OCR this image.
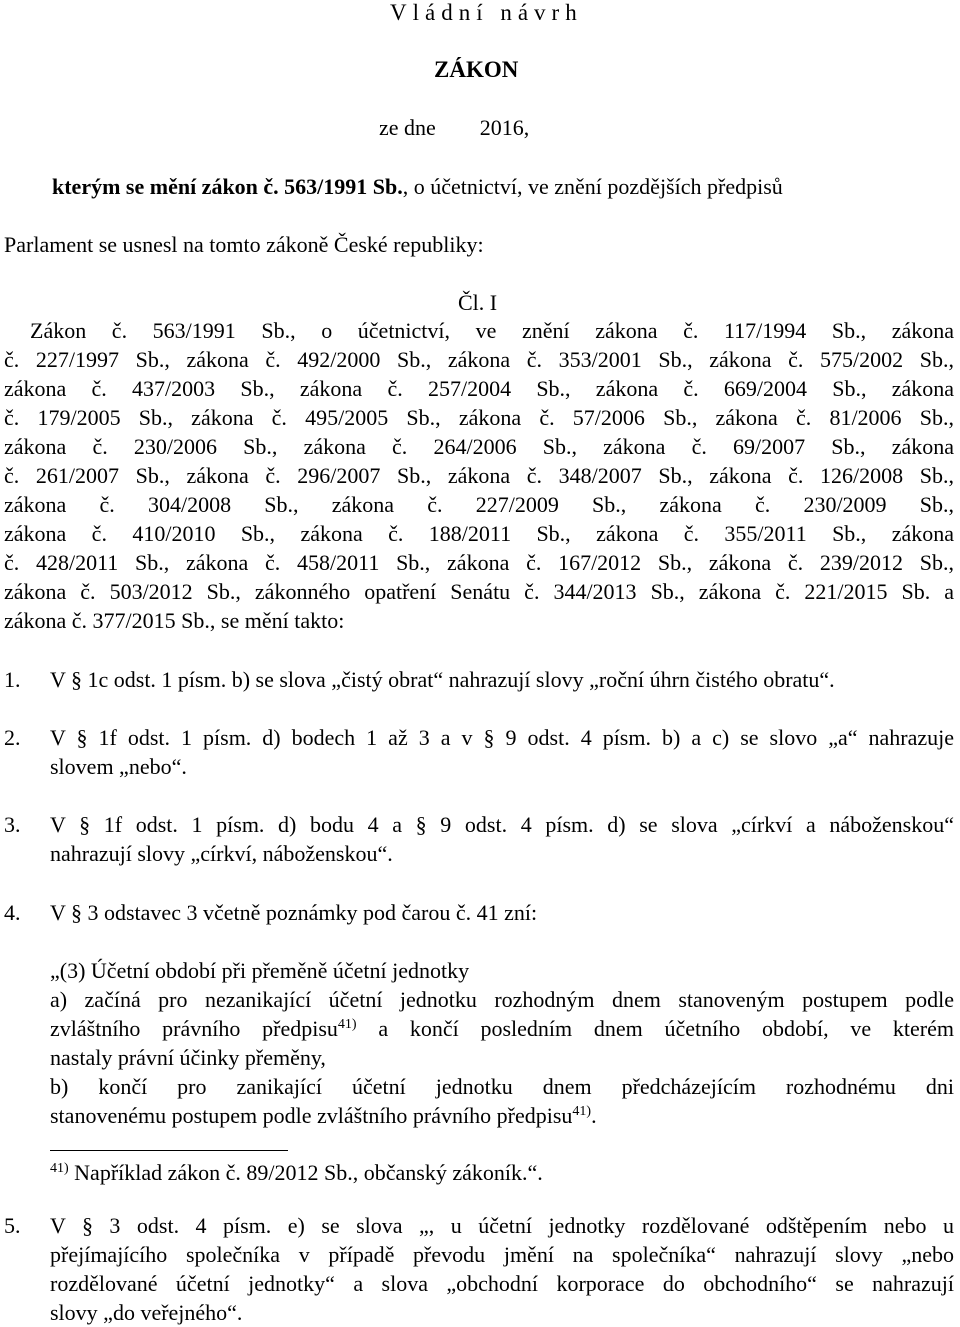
Vládní návrh
ZÁKON
ze dne        2016,
kterým se mění zákon č. 563/1991 Sb., o účetnictví, ve znění pozdějších předpisů
Parlament se usnesl na tomto zákoně České republiky:
Čl. I
Zákon č. 563/1991 Sb., o účetnictví, ve znění zákona č. 117/1994 Sb., zákona
č. 227/1997 Sb., zákona č. 492/2000 Sb., zákona č. 353/2001 Sb., zákona č. 575/2002 Sb.,
zákona č. 437/2003 Sb., zákona č. 257/2004 Sb., zákona č. 669/2004 Sb., zákona
č. 179/2005 Sb., zákona č. 495/2005 Sb., zákona č. 57/2006 Sb., zákona č. 81/2006 Sb.,
zákona č. 230/2006 Sb., zákona č. 264/2006 Sb., zákona č. 69/2007 Sb., zákona
č. 261/2007 Sb., zákona č. 296/2007 Sb., zákona č. 348/2007 Sb., zákona č. 126/2008 Sb.,
zákona č. 304/2008 Sb., zákona č. 227/2009 Sb., zákona č. 230/2009 Sb.,
zákona č. 410/2010 Sb., zákona č. 188/2011 Sb., zákona č. 355/2011 Sb., zákona
č. 428/2011 Sb., zákona č. 458/2011 Sb., zákona č. 167/2012 Sb., zákona č. 239/2012 Sb.,
zákona č. 503/2012 Sb., zákonného opatření Senátu č. 344/2013 Sb., zákona č. 221/2015 Sb. a
zákona č. 377/2015 Sb., se mění takto:
1. V § 1c odst. 1 písm. b) se slova „čistý obrat“ nahrazují slovy „roční úhrn čistého obratu“.
2. V § 1f odst. 1 písm. d) bodech 1 až 3 a v § 9 odst. 4 písm. b) a c) se slovo „a“ nahrazuje
slovem „nebo“.
3. V § 1f odst. 1 písm. d) bodu 4 a § 9 odst. 4 písm. d) se slova „církví a náboženskou“
nahrazují slovy „církví, náboženskou“.
4. V § 3 odstavec 3 včetně poznámky pod čarou č. 41 zní:
„(3) Účetní období při přeměně účetní jednotky
a) začíná pro nezanikající účetní jednotku rozhodným dnem stanoveným postupem podle
zvláštního právního předpisu$^{41)}$ a končí posledním dnem účetního období, ve kterém
nastaly právní účinky přeměny,
b) končí pro zanikající účetní jednotku dnem předcházejícím rozhodnému dni
stanovenému postupem podle zvláštního právního předpisu$^{41)}$.
$^{41)}$ Například zákon č. 89/2012 Sb., občanský zákoník.“.
5. V § 3 odst. 4 písm. e) se slova „, u účetní jednotky rozdělované odštěpením nebo u
přejímajícího společníka v případě převodu jmění na společníka“ nahrazují slovy „nebo
rozdělované účetní jednotky“ a slova „obchodní korporace do obchodního“ se nahrazují
slovy „do veřejného“.
